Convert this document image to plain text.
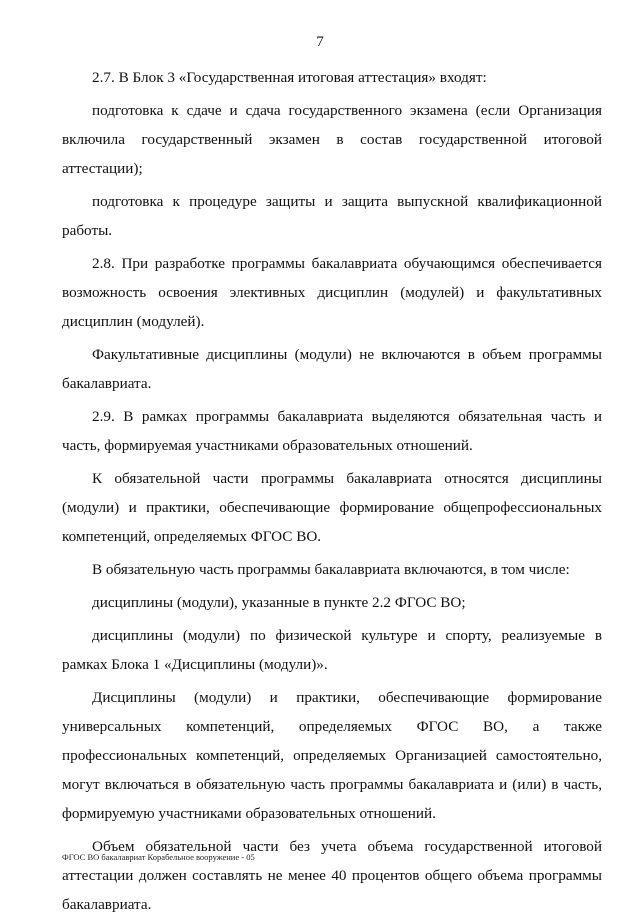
7

2.7. В Блок 3 «Государственная итоговая аттестация» входят:

подготовка к сдаче и сдача государственного экзамена (если Организация включила государственный экзамен в состав государственной итоговой аттестации);

подготовка к процедуре защиты и защита выпускной квалификационной работы.

2.8. При разработке программы бакалавриата обучающимся обеспечивается возможность освоения элективных дисциплин (модулей) и факультативных дисциплин (модулей).

Факультативные дисциплины (модули) не включаются в объем программы бакалавриата.

2.9. В рамках программы бакалавриата выделяются обязательная часть и часть, формируемая участниками образовательных отношений.

К обязательной части программы бакалавриата относятся дисциплины (модули) и практики, обеспечивающие формирование общепрофессиональных компетенций, определяемых ФГОС ВО.

В обязательную часть программы бакалавриата включаются, в том числе:

дисциплины (модули), указанные в пункте 2.2 ФГОС ВО;

дисциплины (модули) по физической культуре и спорту, реализуемые в рамках Блока 1 «Дисциплины (модули)».

Дисциплины (модули) и практики, обеспечивающие формирование универсальных компетенций, определяемых ФГОС ВО, а также профессиональных компетенций, определяемых Организацией самостоятельно, могут включаться в обязательную часть программы бакалавриата и (или) в часть, формируемую участниками образовательных отношений.

Объем обязательной части без учета объема государственной итоговой аттестации должен составлять не менее 40 процентов общего объема программы бакалавриата.

ФГОС ВО бакалавриат Корабельное вооружение - 05
